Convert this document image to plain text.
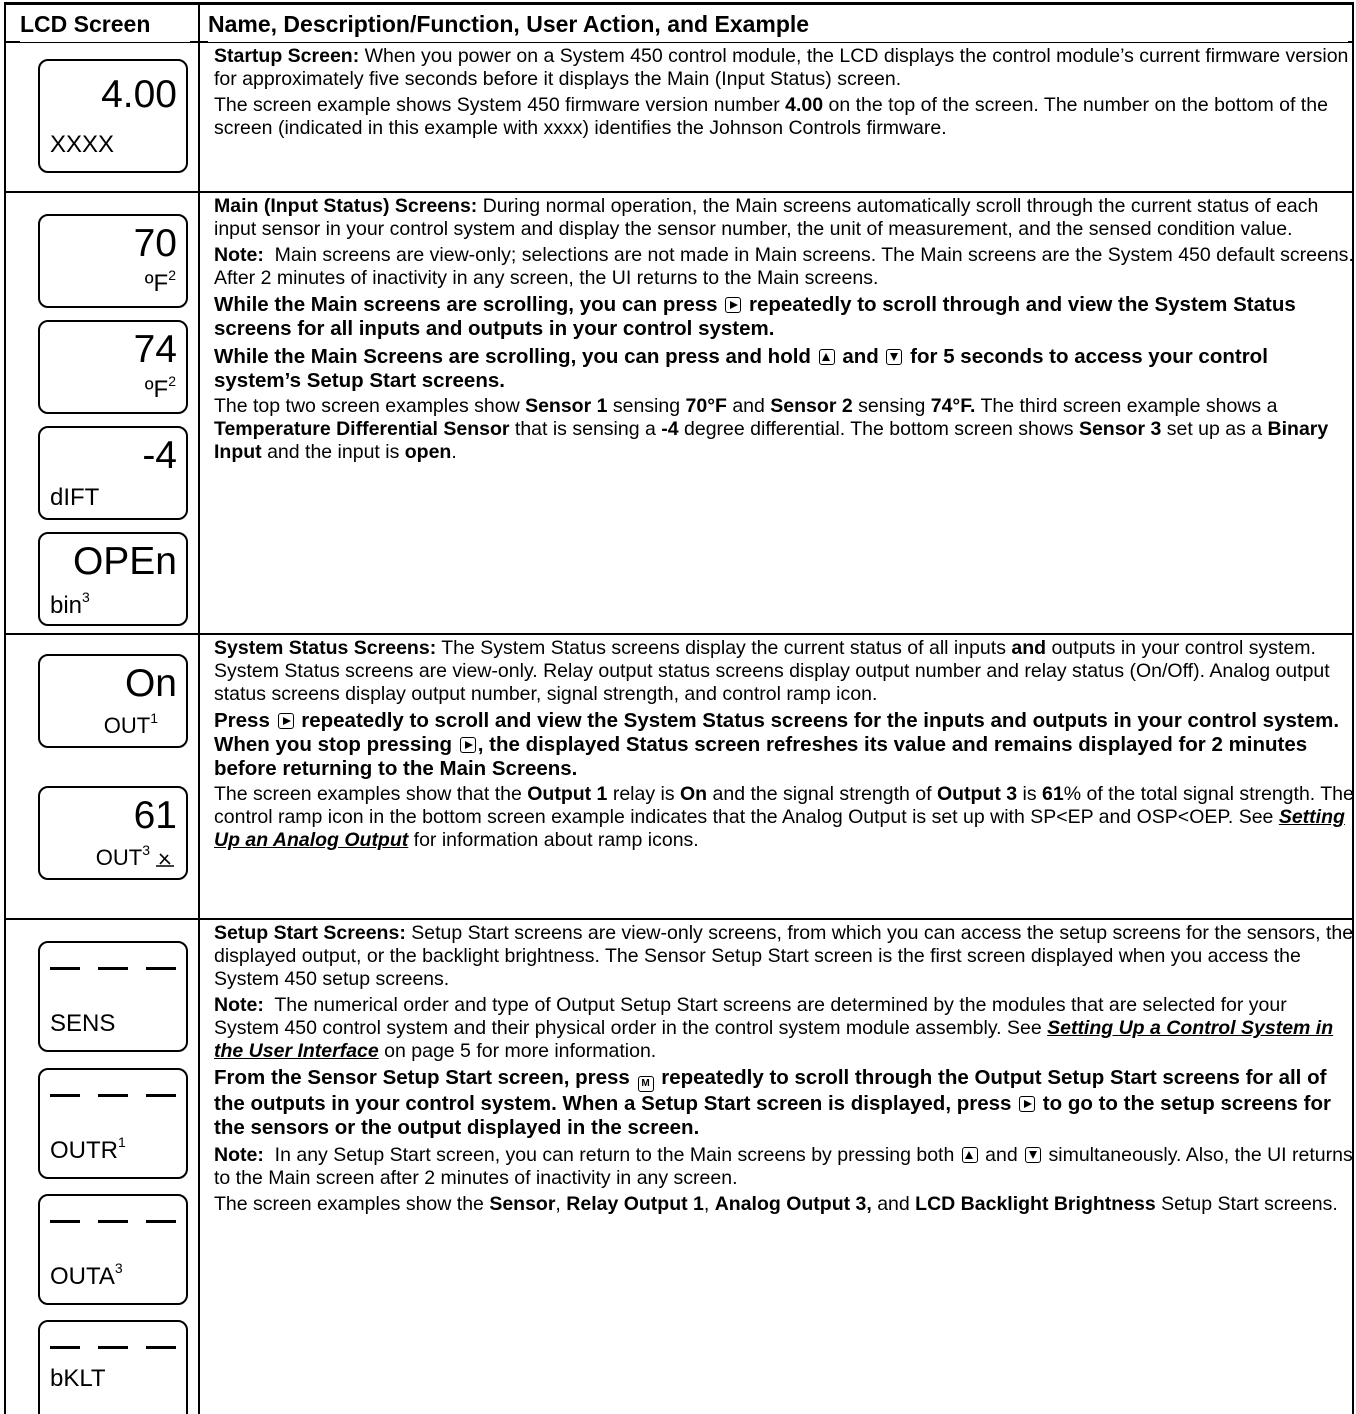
LCD Screen	Name, Description/Function, User Action, and Example
4.00
XXXX

Startup Screen: When you power on a System 450 control module, the LCD displays the control module’s current firmware version for approximately five seconds before it displays the Main (Input Status) screen.

The screen example shows System 450 firmware version number 4.00 on the top of the screen. The number on the bottom of the screen (indicated in this example with xxxx) identifies the Johnson Controls firmware.

70
ºF$^2$
74
ºF$^2$
-4
dIFT
OPEn
bin$^3$

Main (Input Status) Screens: During normal operation, the Main screens automatically scroll through the current status of each input sensor in your control system and display the sensor number, the unit of measurement, and the sensed condition value.

Note: Main screens are view-only; selections are not made in Main screens. The Main screens are the System 450 default screens. After 2 minutes of inactivity in any screen, the UI returns to the Main screens.

While the Main screens are scrolling, you can press
repeatedly to scroll through and view the System Status screens for all inputs and outputs in your control system.

While the Main Screens are scrolling, you can press and hold
and
for 5 seconds to access your control system’s Setup Start screens.

The top two screen examples show Sensor 1 sensing 70°F and Sensor 2 sensing 74°F. The third screen example shows a Temperature Differential Sensor that is sensing a -4 degree differential. The bottom screen shows Sensor 3 set up as a Binary Input and the input is open.

On
OUT$^1$
61
OUT$^3$

System Status Screens: The System Status screens display the current status of all inputs and outputs in your control system. System Status screens are view-only. Relay output status screens display output number and relay status (On/Off). Analog output status screens display output number, signal strength, and control ramp icon.

Press
repeatedly to scroll and view the System Status screens for the inputs and outputs in your control system. When you stop pressing
, the displayed Status screen refreshes its value and remains displayed for 2 minutes before returning to the Main Screens.

The screen examples show that the Output 1 relay is On and the signal strength of Output 3 is 61% of the total signal strength. The control ramp icon in the bottom screen example indicates that the Analog Output is set up with SP<EP and OSP<OEP. See Setting Up an Analog Output for information about ramp icons.

SENS
OUTR$^1$
OUTA$^3$
bKLT

Setup Start Screens: Setup Start screens are view-only screens, from which you can access the setup screens for the sensors, the displayed output, or the backlight brightness. The Sensor Setup Start screen is the first screen displayed when you access the System 450 setup screens.

Note: The numerical order and type of Output Setup Start screens are determined by the modules that are selected for your System 450 control system and their physical order in the control system module assembly. See Setting Up a Control System in the User Interface on page 5 for more information.

From the Sensor Setup Start screen, press M repeatedly to scroll through the Output Setup Start screens for all of the outputs in your control system. When a Setup Start screen is displayed, press
to go to the setup screens for the sensors or the output displayed in the screen.

Note: In any Setup Start screen, you can return to the Main screens by pressing both
and
simultaneously. Also, the UI returns to the Main screen after 2 minutes of inactivity in any screen.

The screen examples show the Sensor, Relay Output 1, Analog Output 3, and LCD Backlight Brightness Setup Start screens.
